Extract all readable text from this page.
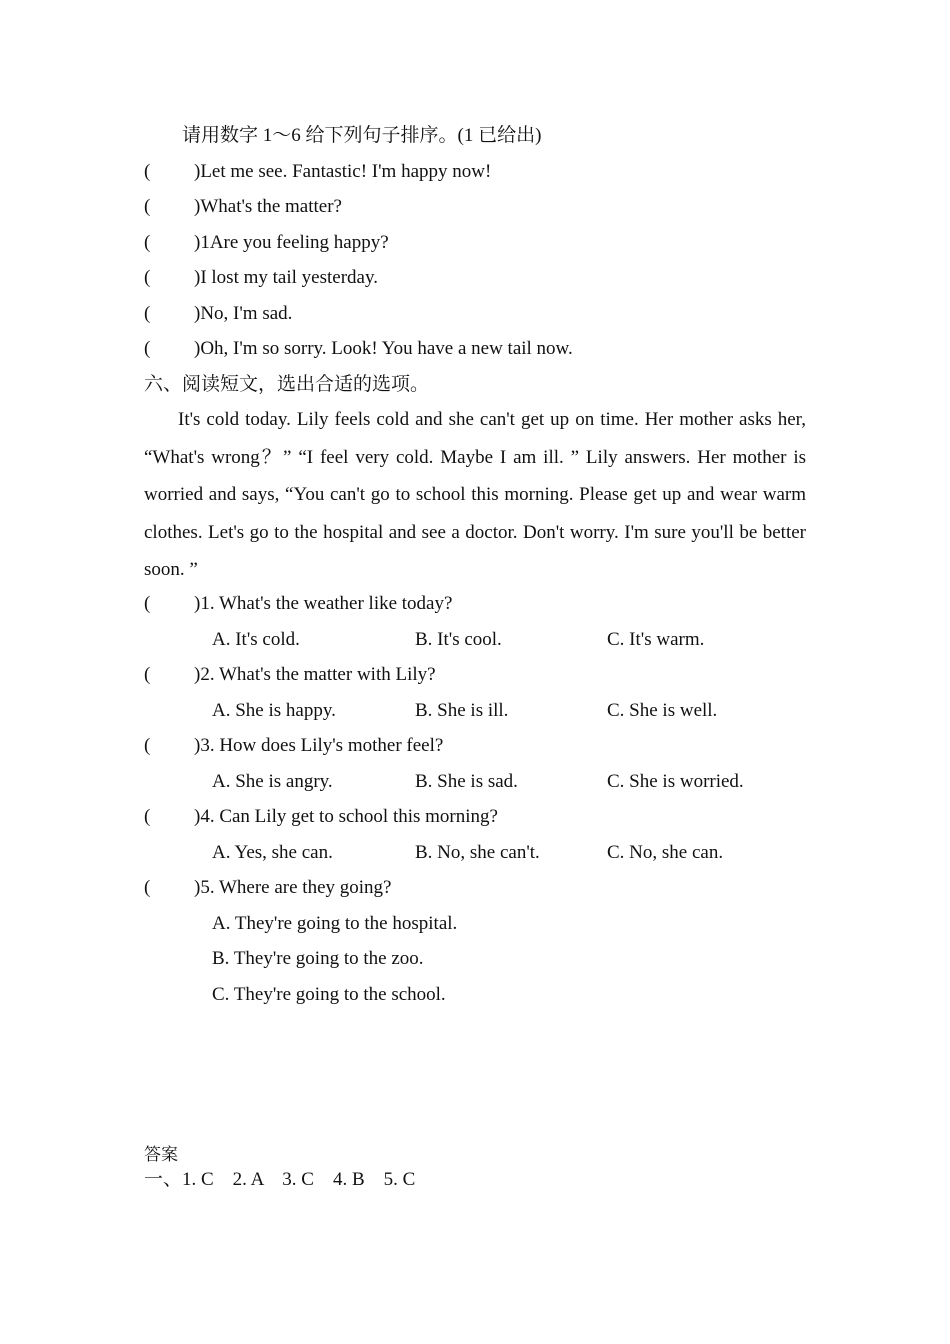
请用数字 1～6 给下列句子排序。(1 已给出)
( )Let me see. Fantastic! I'm happy now!
( )What's the matter?
( )1Are you feeling happy?
( )I lost my tail yesterday.
( )No, I'm sad.
( )Oh, I'm so sorry. Look! You have a new tail now.
六、阅读短文，选出合适的选项。
It's cold today. Lily feels cold and she can't get up on time. Her mother asks her, “What's wrong？” “I feel very cold. Maybe I am ill. ” Lily answers. Her mother is worried and says, “You can't go to school this morning. Please get up and wear warm clothes. Let's go to the hospital and see a doctor. Don't worry. I'm sure you'll be better soon. ”
( )1. What's the weather like today?
A. It's cold.	B. It's cool.	C. It's warm.
( )2. What's the matter with Lily?
A. She is happy.	B. She is ill.	C. She is well.
( )3. How does Lily's mother feel?
A. She is angry.	B. She is sad.	C. She is worried.
( )4. Can Lily get to school this morning?
A. Yes, she can.	B. No, she can't.	C. No, she can.
( )5. Where are they going?
A. They're going to the hospital.
B. They're going to the zoo.
C. They're going to the school.
答案
一、1. C　2. A　3. C　4. B　5. C
